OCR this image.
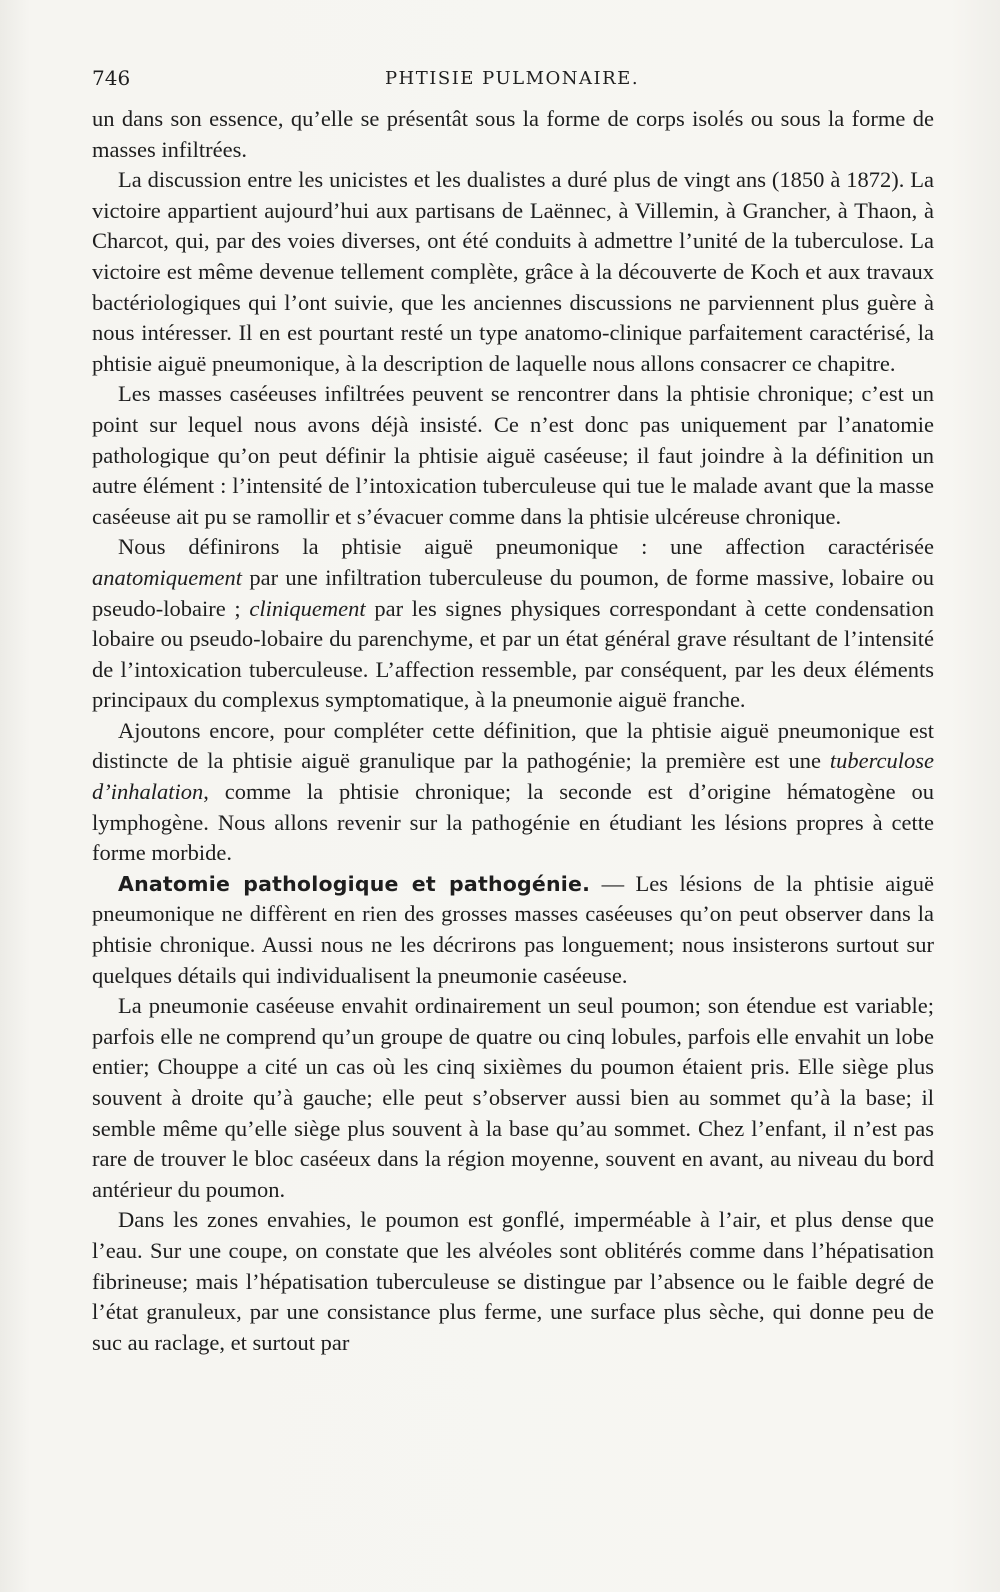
746	PHTISIE PULMONAIRE.

un dans son essence, qu’elle se présentât sous la forme de corps isolés ou sous la forme de masses infiltrées.

La discussion entre les unicistes et les dualistes a duré plus de vingt ans (1850 à 1872). La victoire appartient aujourd’hui aux partisans de Laënnec, à Villemin, à Grancher, à Thaon, à Charcot, qui, par des voies diverses, ont été conduits à admettre l’unité de la tuberculose. La victoire est même devenue tellement complète, grâce à la découverte de Koch et aux travaux bactériologiques qui l’ont suivie, que les anciennes discussions ne parviennent plus guère à nous intéresser. Il en est pourtant resté un type anatomo-clinique parfaitement caractérisé, la phtisie aiguë pneumonique, à la description de laquelle nous allons consacrer ce chapitre.

Les masses caséeuses infiltrées peuvent se rencontrer dans la phtisie chronique; c’est un point sur lequel nous avons déjà insisté. Ce n’est donc pas uniquement par l’anatomie pathologique qu’on peut définir la phtisie aiguë caséeuse; il faut joindre à la définition un autre élément : l’intensité de l’intoxication tuberculeuse qui tue le malade avant que la masse caséeuse ait pu se ramollir et s’évacuer comme dans la phtisie ulcéreuse chronique.

Nous définirons la phtisie aiguë pneumonique : une affection caractérisée anatomiquement par une infiltration tuberculeuse du poumon, de forme massive, lobaire ou pseudo-lobaire ; cliniquement par les signes physiques correspondant à cette condensation lobaire ou pseudo-lobaire du parenchyme, et par un état général grave résultant de l’intensité de l’intoxication tuberculeuse. L’affection ressemble, par conséquent, par les deux éléments principaux du complexus symptomatique, à la pneumonie aiguë franche.

Ajoutons encore, pour compléter cette définition, que la phtisie aiguë pneumonique est distincte de la phtisie aiguë granulique par la pathogénie; la première est une tuberculose d’inhalation, comme la phtisie chronique; la seconde est d’origine hématogène ou lymphogène. Nous allons revenir sur la pathogénie en étudiant les lésions propres à cette forme morbide.

Anatomie pathologique et pathogénie. — Les lésions de la phtisie aiguë pneumonique ne diffèrent en rien des grosses masses caséeuses qu’on peut observer dans la phtisie chronique. Aussi nous ne les décrirons pas longuement; nous insisterons surtout sur quelques détails qui individualisent la pneumonie caséeuse.

La pneumonie caséeuse envahit ordinairement un seul poumon; son étendue est variable; parfois elle ne comprend qu’un groupe de quatre ou cinq lobules, parfois elle envahit un lobe entier; Chouppe a cité un cas où les cinq sixièmes du poumon étaient pris. Elle siège plus souvent à droite qu’à gauche; elle peut s’observer aussi bien au sommet qu’à la base; il semble même qu’elle siège plus souvent à la base qu’au sommet. Chez l’enfant, il n’est pas rare de trouver le bloc caséeux dans la région moyenne, souvent en avant, au niveau du bord antérieur du poumon.

Dans les zones envahies, le poumon est gonflé, imperméable à l’air, et plus dense que l’eau. Sur une coupe, on constate que les alvéoles sont oblitérés comme dans l’hépatisation fibrineuse; mais l’hépatisation tuberculeuse se distingue par l’absence ou le faible degré de l’état granuleux, par une consistance plus ferme, une surface plus sèche, qui donne peu de suc au raclage, et surtout par
